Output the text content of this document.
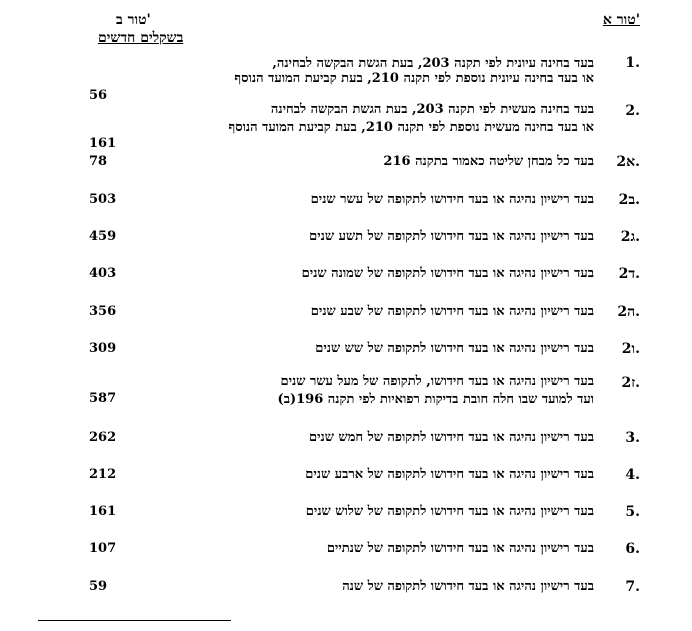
טור א'
טור ב'
בשקלים חדשים
1.
בעד בחינה עיונית לפי תקנה 203, בעת הגשת הבקשה לבחינה,
או בעד בחינה עיונית נוספת לפי תקנה 210, בעת קביעת המועד הנוסף
56
2.
בעד בחינה מעשית לפי תקנה 203, בעת הגשת הבקשה לבחינה
או בעד בחינה מעשית נוספת לפי תקנה 210, בעת קביעת המועד הנוסף
161
2א.
בעד כל מבחן שליטה כאמור בתקנה 216
78
2ב.
בעד רישיון נהיגה או בעד חידושו לתקופה של עשר שנים
503
2ג.
בעד רישיון נהיגה או בעד חידושו לתקופה של תשע שנים
459
2ד.
בעד רישיון נהיגה או בעד חידושו לתקופה של שמונה שנים
403
2ה.
בעד רישיון נהיגה או בעד חידושו לתקופה של שבע שנים
356
2ו.
בעד רישיון נהיגה או בעד חידושו לתקופה של שש שנים
309
2ז.
בעד רישיון נהיגה או בעד חידושו, לתקופה של מעל עשר שנים
ועד למועד שבו חלה חובת בדיקות רפואיות לפי תקנה 196(ב)
587
3.
בעד רישיון נהיגה או בעד חידושו לתקופה של חמש שנים
262
4.
בעד רישיון נהיגה או בעד חידושו לתקופה של ארבע שנים
212
5.
בעד רישיון נהיגה או בעד חידושו לתקופה של שלוש שנים
161
6.
בעד רישיון נהיגה או בעד חידושו לתקופה של שנתיים
107
7.
בעד רישיון נהיגה או בעד חידושו לתקופה של שנה
59
